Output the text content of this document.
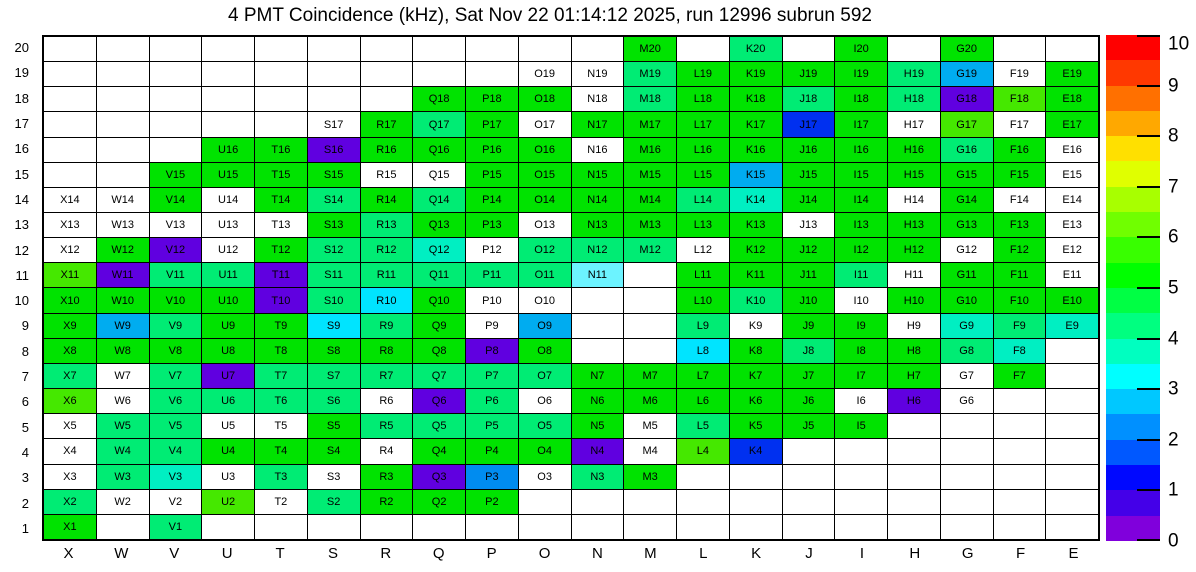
4 PMT Coincidence (kHz), Sat Nov 22 01:14:12 2025, run 12996 subrun 592
20
19
18
17
16
15
14
13
12
11
10
9
8
7
6
5
4
3
2
1
M20	K20	I20	G20
O19	N19	M19	L19	K19	J19	I19	H19	G19	F19	E19
Q18	P18	O18	N18	M18	L18	K18	J18	I18	H18	G18	F18	E18
S17	R17	Q17	P17	O17	N17	M17	L17	K17	J17	I17	H17	G17	F17	E17
U16	T16	S16	R16	Q16	P16	O16	N16	M16	L16	K16	J16	I16	H16	G16	F16	E16
V15	U15	T15	S15	R15	Q15	P15	O15	N15	M15	L15	K15	J15	I15	H15	G15	F15	E15
X14	W14	V14	U14	T14	S14	R14	Q14	P14	O14	N14	M14	L14	K14	J14	I14	H14	G14	F14	E14
X13	W13	V13	U13	T13	S13	R13	Q13	P13	O13	N13	M13	L13	K13	J13	I13	H13	G13	F13	E13
X12	W12	V12	U12	T12	S12	R12	Q12	P12	O12	N12	M12	L12	K12	J12	I12	H12	G12	F12	E12
X11	W11	V11	U11	T11	S11	R11	Q11	P11	O11	N11	L11	K11	J11	I11	H11	G11	F11	E11
X10	W10	V10	U10	T10	S10	R10	Q10	P10	O10	L10	K10	J10	I10	H10	G10	F10	E10
X9	W9	V9	U9	T9	S9	R9	Q9	P9	O9	L9	K9	J9	I9	H9	G9	F9	E9
X8	W8	V8	U8	T8	S8	R8	Q8	P8	O8	L8	K8	J8	I8	H8	G8	F8
X7	W7	V7	U7	T7	S7	R7	Q7	P7	O7	N7	M7	L7	K7	J7	I7	H7	G7	F7
X6	W6	V6	U6	T6	S6	R6	Q6	P6	O6	N6	M6	L6	K6	J6	I6	H6	G6
X5	W5	V5	U5	T5	S5	R5	Q5	P5	O5	N5	M5	L5	K5	J5	I5
X4	W4	V4	U4	T4	S4	R4	Q4	P4	O4	N4	M4	L4	K4
X3	W3	V3	U3	T3	S3	R3	Q3	P3	O3	N3	M3
X2	W2	V2	U2	T2	S2	R2	Q2	P2
X1	V1
X	W	V	U	T	S	R	Q	P	O	N	M	L	K	J	I	H	G	F	E
10
9
8
7
6
5
4
3
2
1
0
